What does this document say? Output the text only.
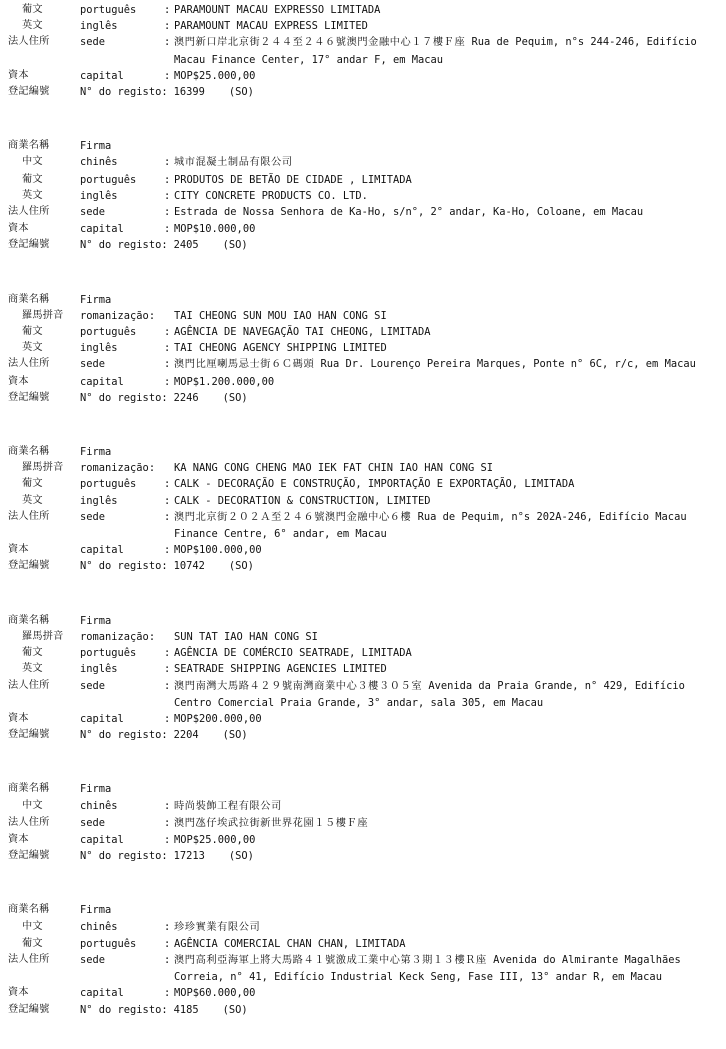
葡文	português	: PARAMOUNT MACAU EXPRESSO LIMITADA
英文	inglês	: PARAMOUNT MACAU EXPRESS LIMITED
法人住所	sede	: 澳門新口岸北京街２４４至２４６號澳門金融中心１７樓Ｆ座 Rua de Pequim, n°s 244-246, Edifício Macau Finance Center, 17° andar F, em Macau
資本	capital	: MOP$25.000,00
登記編號	N° do registo: 16399	(SO)
商業名稱	Firma
中文	chinês	: 城市混凝土制品有限公司
葡文	português	: PRODUTOS DE BETÃO DE CIDADE , LIMITADA
英文	inglês	: CITY CONCRETE PRODUCTS CO. LTD.
法人住所	sede	: Estrada de Nossa Senhora de Ka-Ho, s/n°, 2° andar, Ka-Ho, Coloane, em Macau
資本	capital	: MOP$10.000,00
登記編號	N° do registo: 2405	(SO)
商業名稱	Firma
羅馬拼音	romanização:	TAI CHEONG SUN MOU IAO HAN CONG SI
葡文	português	: AGÊNCIA DE NAVEGAÇÃO TAI CHEONG, LIMITADA
英文	inglês	: TAI CHEONG AGENCY SHIPPING LIMITED
法人住所	sede	: 澳門比厘喇馬忌士街６Ｃ碼頭 Rua Dr. Lourenço Pereira Marques, Ponte n° 6C, r/c, em Macau
資本	capital	: MOP$1.200.000,00
登記編號	N° do registo: 2246	(SO)
商業名稱	Firma
羅馬拼音	romanização:	KA NANG CONG CHENG MAO IEK FAT CHIN IAO HAN CONG SI
葡文	português	: CALK - DECORAÇÃO E CONSTRUÇÃO, IMPORTAÇÃO E EXPORTAÇÃO, LIMITADA
英文	inglês	: CALK - DECORATION & CONSTRUCTION, LIMITED
法人住所	sede	: 澳門北京街２０２Ａ至２４６號澳門金融中心６樓 Rua de Pequim, n°s 202A-246, Edifício Macau Finance Centre, 6° andar, em Macau
資本	capital	: MOP$100.000,00
登記編號	N° do registo: 10742	(SO)
商業名稱	Firma
羅馬拼音	romanização:	SUN TAT IAO HAN CONG SI
葡文	português	: AGÊNCIA DE COMÉRCIO SEATRADE, LIMITADA
英文	inglês	: SEATRADE SHIPPING AGENCIES LIMITED
法人住所	sede	: 澳門南灣大馬路４２９號南灣商業中心３樓３０５室 Avenida da Praia Grande, n° 429, Edifício Centro Comercial Praia Grande, 3° andar, sala 305, em Macau
資本	capital	: MOP$200.000,00
登記編號	N° do registo: 2204	(SO)
商業名稱	Firma
中文	chinês	: 時尚裝飾工程有限公司
法人住所	sede	: 澳門氹仔埃武拉街新世界花園１５樓Ｆ座
資本	capital	: MOP$25.000,00
登記編號	N° do registo: 17213	(SO)
商業名稱	Firma
中文	chinês	: 珍珍實業有限公司
葡文	português	: AGÊNCIA COMERCIAL CHAN CHAN, LIMITADA
法人住所	sede	: 澳門高利亞海軍上將大馬路４１號激成工業中心第３期１３樓Ｒ座 Avenida do Almirante Magalhães Correia, n° 41, Edifício Industrial Keck Seng, Fase III, 13° andar R, em Macau
資本	capital	: MOP$60.000,00
登記編號	N° do registo: 4185	(SO)
